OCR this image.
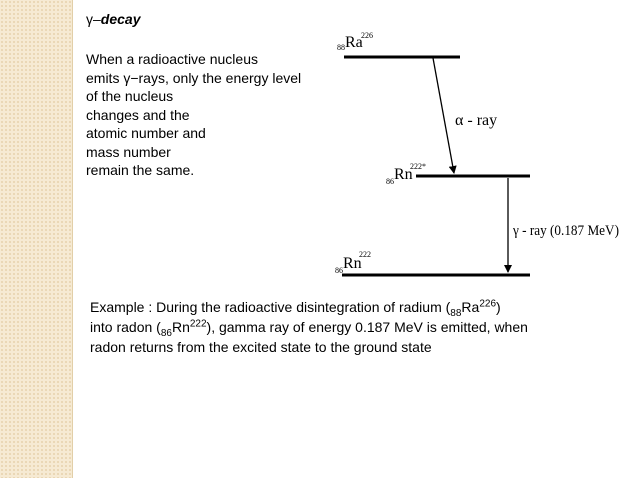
γ–decay
When a radioactive nucleus
emits γ−rays, only the energy level
of the nucleus
changes and the
atomic number and
mass number
remain the same.
88 Ra
226
α - ray
86 Rn
222*
γ - ray (0.187 MeV)
86 Rn
222
Example : During the radioactive disintegration of radium $(_{88}Ra^{226})$
into radon $(_{86}Rn^{222})$, gamma ray of energy 0.187 MeV is emitted, when
radon returns from the excited state to the ground state
